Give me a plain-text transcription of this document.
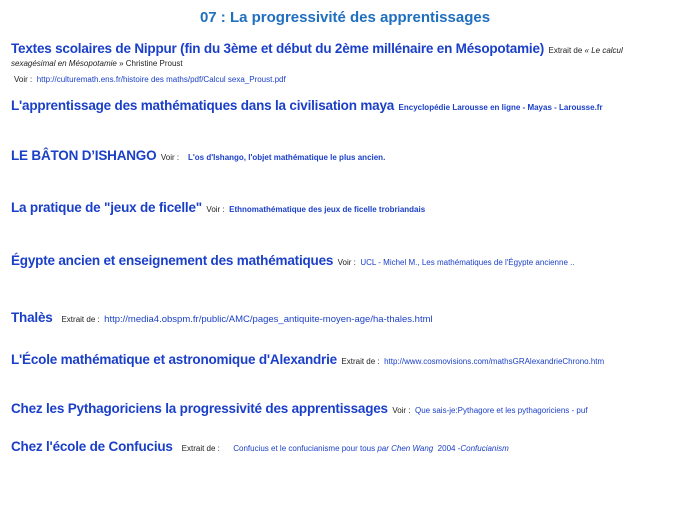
07 : La progressivité des apprentissages
Textes scolaires de Nippur (fin du 3ème et début du 2ème millénaire en Mésopotamie) Extrait de « Le calcul
sexagésimal en Mésopotamie » Christine Proust
Voir : http://culturemath.ens.fr/histoire des maths/pdf/Calcul sexa_Proust.pdf
L'apprentissage des mathématiques dans la civilisation maya Encyclopédie Larousse en ligne - Mayas - Larousse.fr
LE BÂTON D’ISHANGO Voir : L'os d'Ishango, l'objet mathématique le plus ancien.
La pratique de "jeux de ficelle" Voir : Ethnomathématique des jeux de ficelle trobriandais
Égypte ancien et enseignement des mathématiques Voir : UCL - Michel M., Les mathématiques de l'Égypte ancienne ..
Thalès Extrait de : http://media4.obspm.fr/public/AMC/pages_antiquite-moyen-age/ha-thales.html
L'École mathématique et astronomique d'Alexandrie Extrait de : http://www.cosmovisions.com/mathsGRAlexandrieChrono.htm
Chez les Pythagoriciens la progressivité des apprentissages Voir : Que sais-je:Pythagore et les pythagoriciens - puf
Chez l'école de Confucius Extrait de : Confucius et le confucianisme pour tous par Chen Wang  2004 -Confucianism
